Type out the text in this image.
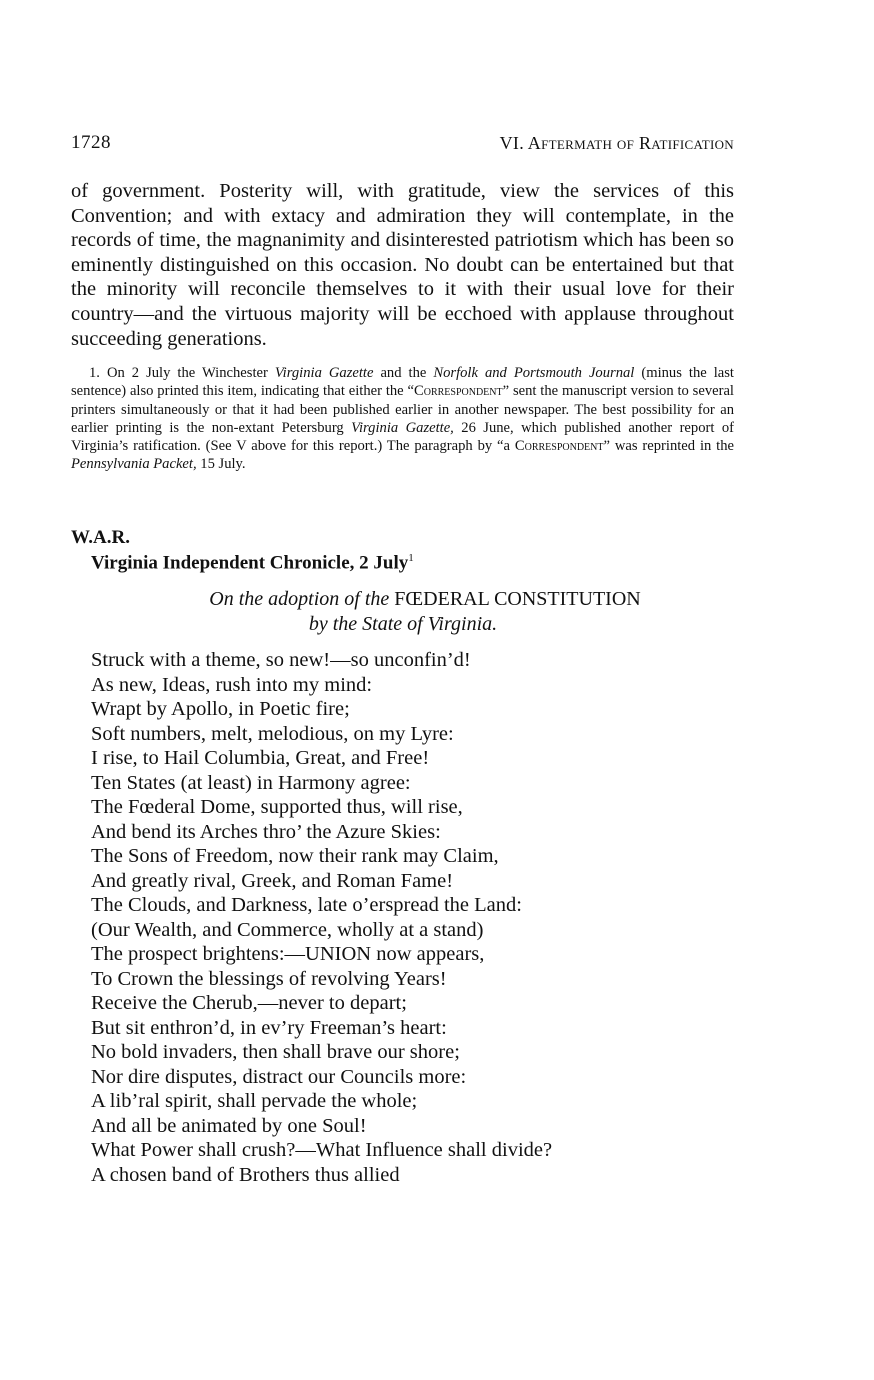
1728	VI. Aftermath of Ratification

of government. Posterity will, with gratitude, view the services of this Convention; and with extacy and admiration they will contemplate, in the records of time, the magnanimity and disinterested patriotism which has been so eminently distinguished on this occasion. No doubt can be entertained but that the minority will reconcile themselves to it with their usual love for their country—and the virtuous majority will be ecchoed with applause throughout succeeding generations.

1. On 2 July the Winchester Virginia Gazette and the Norfolk and Portsmouth Journal (minus the last sentence) also printed this item, indicating that either the “Correspondent” sent the manuscript version to several printers simultaneously or that it had been published earlier in another newspaper. The best possibility for an earlier printing is the non-extant Petersburg Virginia Gazette, 26 June, which published another report of Virginia’s ratification. (See V above for this report.) The paragraph by “a Correspondent” was reprinted in the Pennsylvania Packet, 15 July.

W.A.R.
Virginia Independent Chronicle, 2 July$^1$
On the adoption of the FŒDERAL CONSTITUTION
by the State of Virginia.
Struck with a theme, so new!—so unconfin’d!
As new, Ideas, rush into my mind:
Wrapt by Apollo, in Poetic fire;
Soft numbers, melt, melodious, on my Lyre:
I rise, to Hail Columbia, Great, and Free!
Ten States (at least) in Harmony agree:
The Fœderal Dome, supported thus, will rise,
And bend its Arches thro’ the Azure Skies:
The Sons of Freedom, now their rank may Claim,
And greatly rival, Greek, and Roman Fame!
The Clouds, and Darkness, late o’erspread the Land:
(Our Wealth, and Commerce, wholly at a stand)
The prospect brightens:—UNION now appears,
To Crown the blessings of revolving Years!
Receive the Cherub,—never to depart;
But sit enthron’d, in ev’ry Freeman’s heart:
No bold invaders, then shall brave our shore;
Nor dire disputes, distract our Councils more:
A lib’ral spirit, shall pervade the whole;
And all be animated by one Soul!
What Power shall crush?—What Influence shall divide?
A chosen band of Brothers thus allied
